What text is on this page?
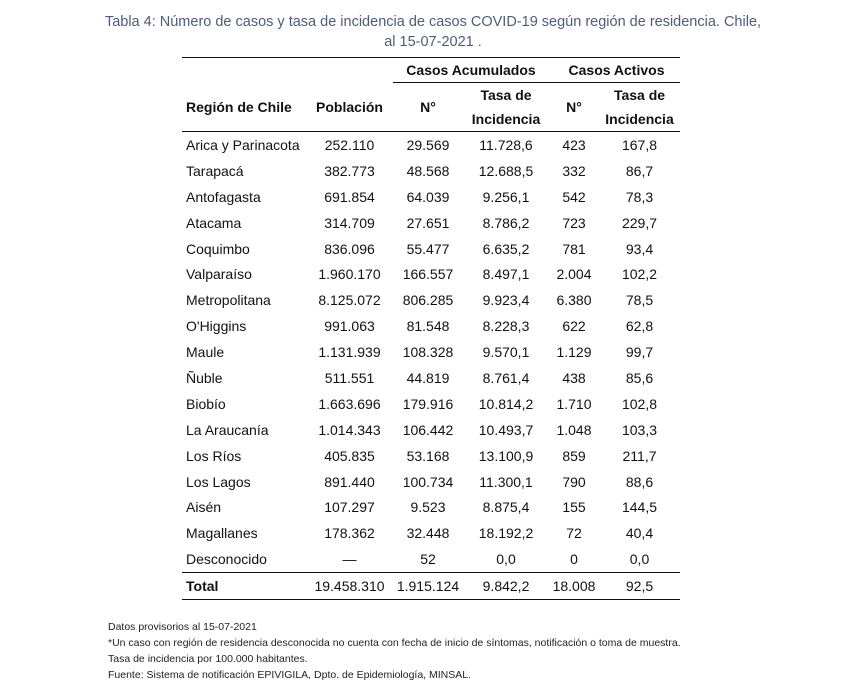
Tabla 4: Número de casos y tasa de incidencia de casos COVID-19 según región de residencia. Chile,
al 15-07-2021 .
		Casos Acumulados		Casos Activos	
Región de Chile	Población	N°	Tasa de	N°	Tasa de
			Incidencia		Incidencia
Arica y Parinacota	252.110	29.569	11.728,6	423	167,8
Tarapacá	382.773	48.568	12.688,5	332	86,7
Antofagasta	691.854	64.039	9.256,1	542	78,3
Atacama	314.709	27.651	8.786,2	723	229,7
Coquimbo	836.096	55.477	6.635,2	781	93,4
Valparaíso	1.960.170	166.557	8.497,1	2.004	102,2
Metropolitana	8.125.072	806.285	9.923,4	6.380	78,5
O'Higgins	991.063	81.548	8.228,3	622	62,8
Maule	1.131.939	108.328	9.570,1	1.129	99,7
Ñuble	511.551	44.819	8.761,4	438	85,6
Biobío	1.663.696	179.916	10.814,2	1.710	102,8
La Araucanía	1.014.343	106.442	10.493,7	1.048	103,3
Los Ríos	405.835	53.168	13.100,9	859	211,7
Los Lagos	891.440	100.734	11.300,1	790	88,6
Aisén	107.297	9.523	8.875,4	155	144,5
Magallanes	178.362	32.448	18.192,2	72	40,4
Desconocido	—	52	0,0	0	0,0
Total	19.458.310	1.915.124	9.842,2	18.008	92,5
Datos provisorios al 15-07-2021
*Un caso con región de residencia desconocida no cuenta con fecha de inicio de síntomas, notificación o toma de muestra.
Tasa de incidencia por 100.000 habitantes.
Fuente: Sistema de notificación EPIVIGILA, Dpto. de Epidemiología, MINSAL.
